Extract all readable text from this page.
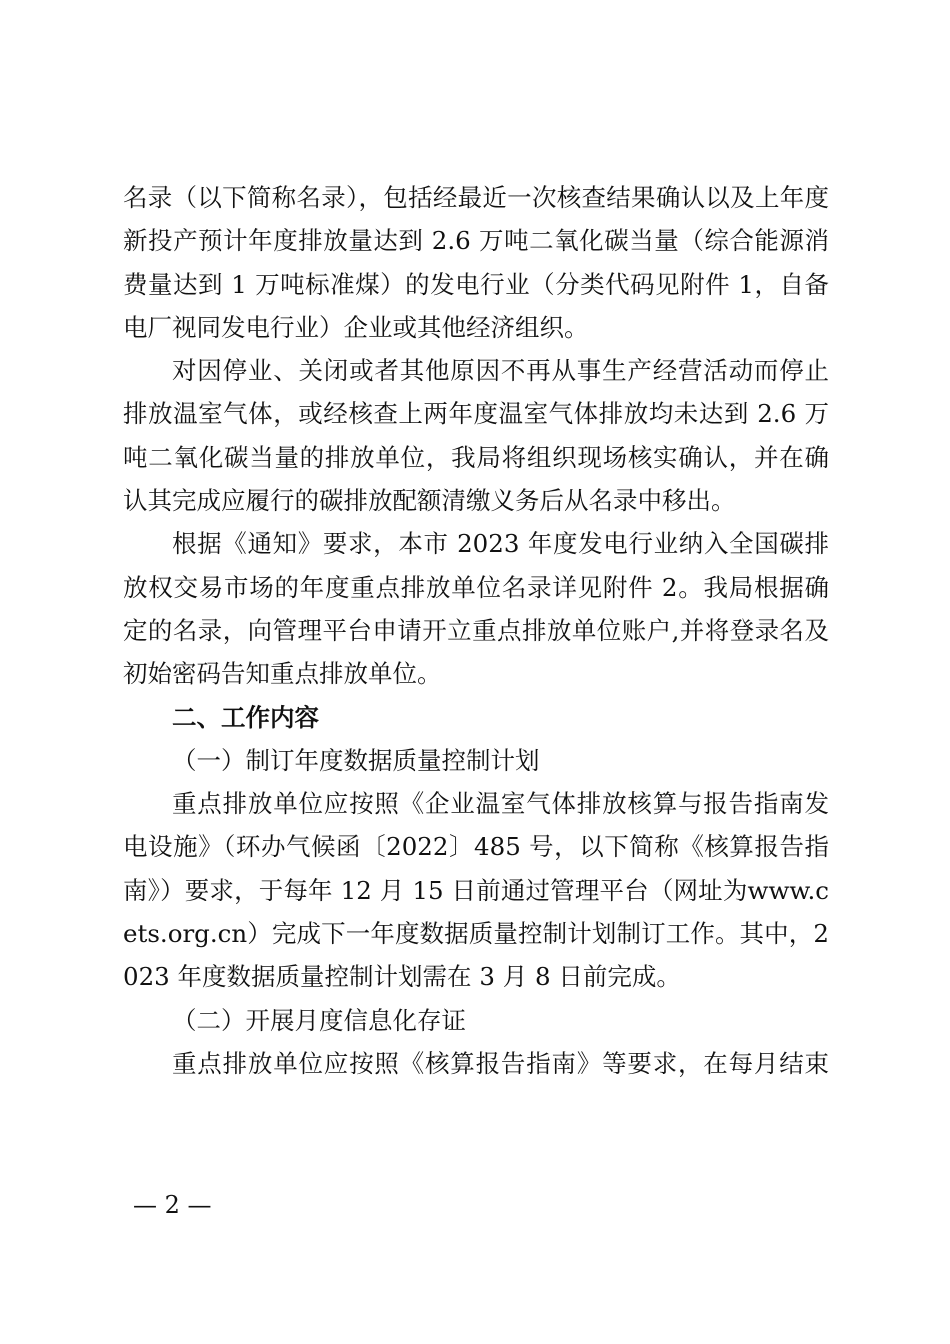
名录（以下简称名录），包括经最近一次核查结果确认以及上年度新投产预计年度排放量达到 2.6 万吨二氧化碳当量（综合能源消费量达到 1 万吨标准煤）的发电行业（分类代码见附件 1，自备电厂视同发电行业）企业或其他经济组织。

对因停业、关闭或者其他原因不再从事生产经营活动而停止排放温室气体，或经核查上两年度温室气体排放均未达到 2.6 万吨二氧化碳当量的排放单位，我局将组织现场核实确认，并在确认其完成应履行的碳排放配额清缴义务后从名录中移出。

根据《通知》要求，本市 2023 年度发电行业纳入全国碳排放权交易市场的年度重点排放单位名录详见附件 2。我局根据确定的名录，向管理平台申请开立重点排放单位账户,并将登录名及初始密码告知重点排放单位。

二、工作内容

（一）制订年度数据质量控制计划

重点排放单位应按照《企业温室气体排放核算与报告指南发电设施》（环办气候函〔2022〕485 号，以下简称《核算报告指南》）要求，于每年 12 月 15 日前通过管理平台（网址为www.cets.org.cn）完成下一年度数据质量控制计划制订工作。其中，2023 年度数据质量控制计划需在 3 月 8 日前完成。

（二）开展月度信息化存证

重点排放单位应按照《核算报告指南》等要求，在每月结束

— 2 —
